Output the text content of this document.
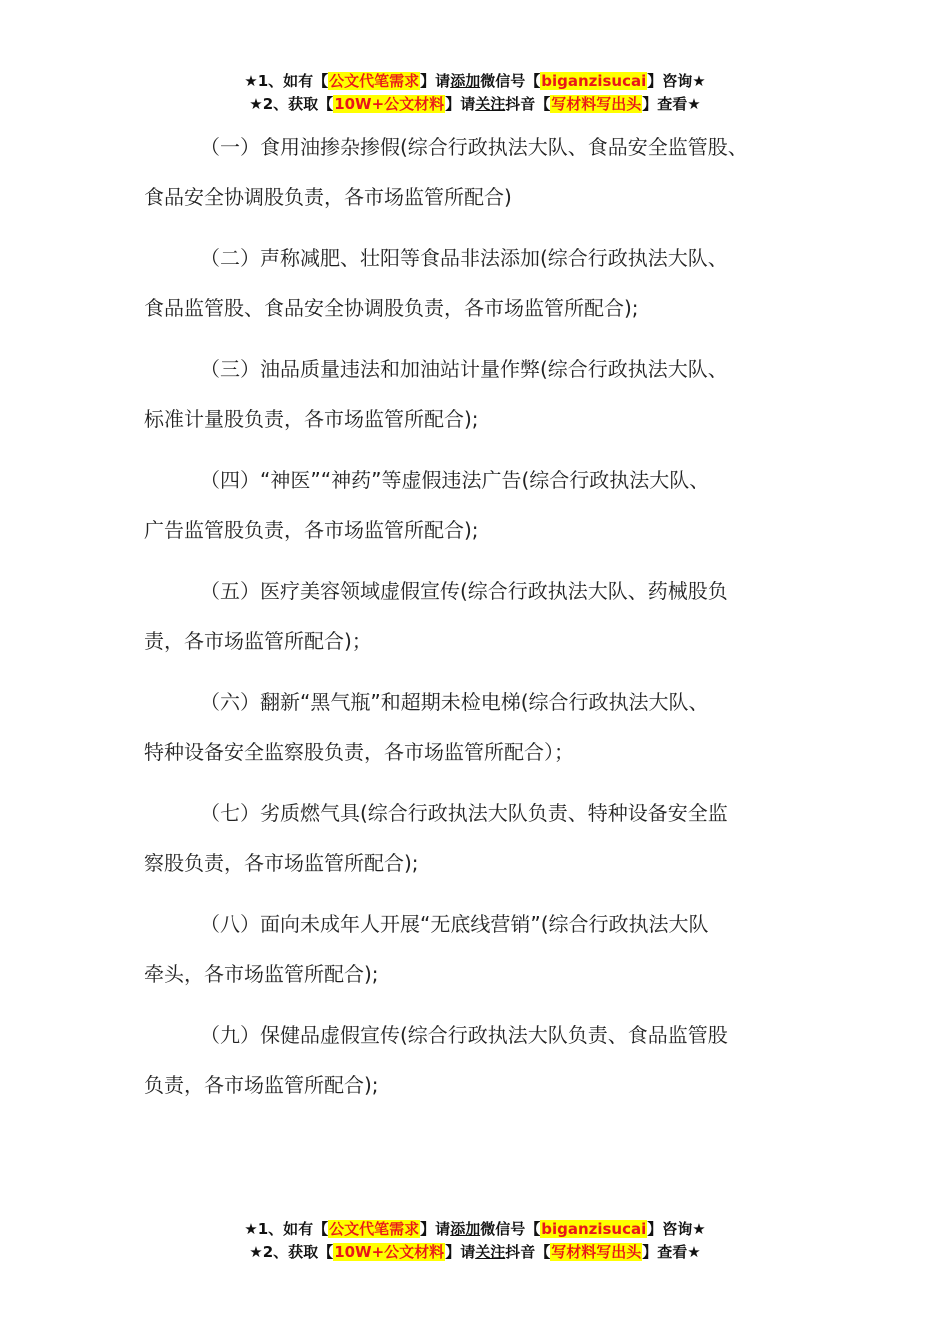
★1、如有【公文代笔需求】请添加微信号【biganzisucai】咨询★
★2、获取【10W+公文材料】请关注抖音【写材料写出头】查看★
（一）食用油掺杂掺假(综合行政执法大队、食品安全监管股、
食品安全协调股负责，各市场监管所配合)
（二）声称减肥、壮阳等食品非法添加(综合行政执法大队、
食品监管股、食品安全协调股负责，各市场监管所配合);
（三）油品质量违法和加油站计量作弊(综合行政执法大队、
标准计量股负责，各市场监管所配合);
（四）“神医”“神药”等虚假违法广告(综合行政执法大队、
广告监管股负责，各市场监管所配合);
（五）医疗美容领域虚假宣传(综合行政执法大队、药械股负
责，各市场监管所配合)；
（六）翻新“黑气瓶”和超期未检电梯(综合行政执法大队、
特种设备安全监察股负责，各市场监管所配合）；
（七）劣质燃气具(综合行政执法大队负责、特种设备安全监
察股负责，各市场监管所配合);
（八）面向未成年人开展“无底线营销”(综合行政执法大队
牵头，各市场监管所配合);
（九）保健品虚假宣传(综合行政执法大队负责、食品监管股
负责，各市场监管所配合);
★1、如有【公文代笔需求】请添加微信号【biganzisucai】咨询★
★2、获取【10W+公文材料】请关注抖音【写材料写出头】查看★
